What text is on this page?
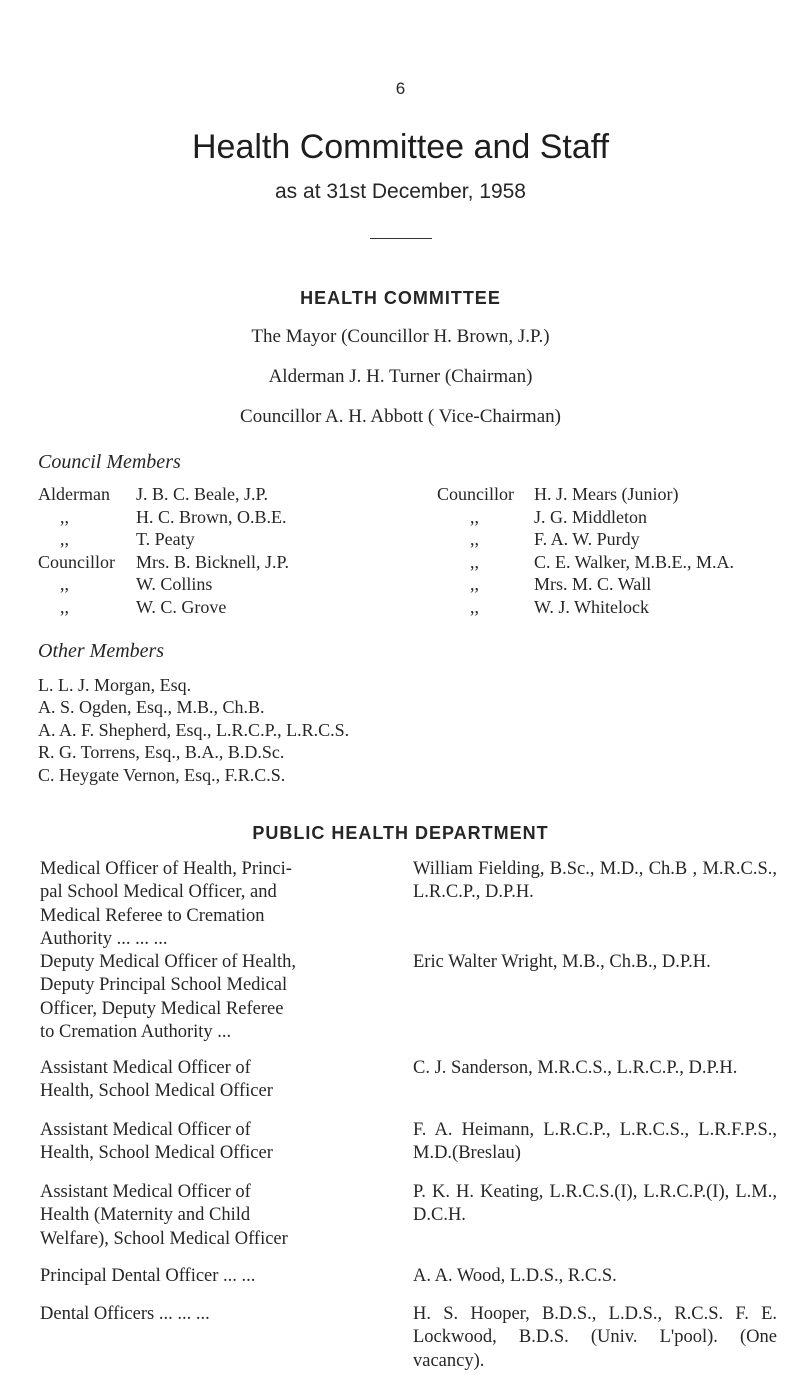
6
Health Committee and Staff
as at 31st December, 1958
HEALTH COMMITTEE
The Mayor (Councillor H. Brown, J.P.)
Alderman J. H. Turner (Chairman)
Councillor A. H. Abbott ( Vice-Chairman)
Council Members
Alderman J. B. C. Beale, J.P.
,,	H. C. Brown, O.B.E.
,,	T. Peaty
Councillor Mrs. B. Bicknell, J.P.
,,	W. Collins
,,	W. C. Grove
Councillor H. J. Mears (Junior)
,,	J. G. Middleton
,,	F. A. W. Purdy
,,	C. E. Walker, M.B.E., M.A.
,,	Mrs. M. C. Wall
,,	W. J. Whitelock
Other Members
L. L. J. Morgan, Esq.
A. S. Ogden, Esq., M.B., Ch.B.
A. A. F. Shepherd, Esq., L.R.C.P., L.R.C.S.
R. G. Torrens, Esq., B.A., B.D.Sc.
C. Heygate Vernon, Esq., F.R.C.S.
PUBLIC HEALTH DEPARTMENT
Medical Officer of Health, Princi-
pal School Medical Officer, and
Medical Referee to Cremation
Authority ... ... ...
William Fielding, B.Sc., M.D., Ch.B , M.R.C.S., L.R.C.P., D.P.H.
Deputy Medical Officer of Health,
Deputy Principal School Medical
Officer, Deputy Medical Referee
to Cremation Authority ...
Eric Walter Wright, M.B., Ch.B., D.P.H.
Assistant Medical Officer of
Health, School Medical Officer
C. J. Sanderson, M.R.C.S., L.R.C.P., D.P.H.
Assistant Medical Officer of
Health, School Medical Officer
F. A. Heimann, L.R.C.P., L.R.C.S., L.R.F.P.S., M.D.(Breslau)
Assistant Medical Officer of
Health (Maternity and Child
Welfare), School Medical Officer
P. K. H. Keating, L.R.C.S.(I), L.R.C.P.(I), L.M., D.C.H.
Principal Dental Officer ... ...	A. A. Wood, L.D.S., R.C.S.
Dental Officers ... ... ...	H. S. Hooper, B.D.S., L.D.S., R.C.S. F. E. Lockwood, B.D.S. (Univ. L'pool). (One vacancy).
